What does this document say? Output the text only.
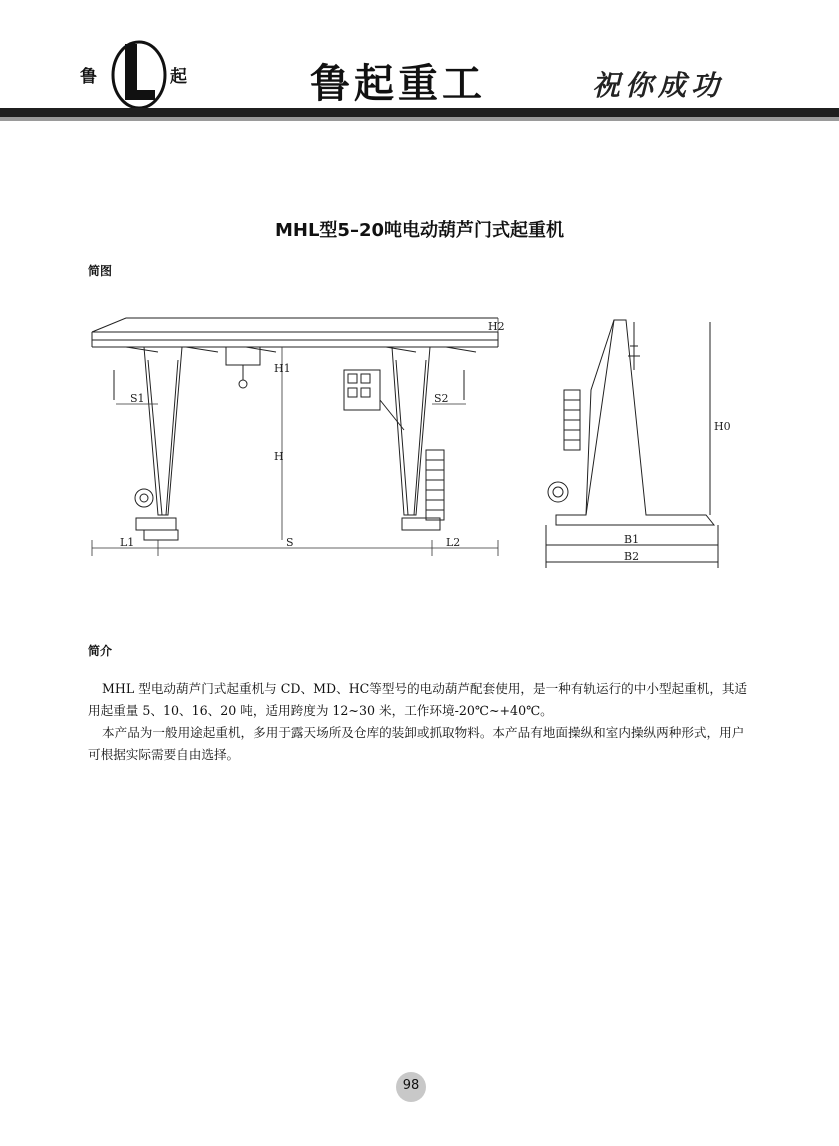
鲁	起	鲁起重工	祝你成功
MHL型5–20吨电动葫芦门式起重机
简图
S1	S2
H
H1
H2
L1	S	L2	B1
B2
H0
简介
MHL 型电动葫芦门式起重机与 CD、MD、HC等型号的电动葫芦配套使用，是一种有轨运行的中小型起重机，其适用起重量 5、10、16、20 吨，适用跨度为 12~30 米，工作环境-20℃~+40℃。
本产品为一般用途起重机，多用于露天场所及仓库的装卸或抓取物料。本产品有地面操纵和室内操纵两种形式，用户可根据实际需要自由选择。
98
